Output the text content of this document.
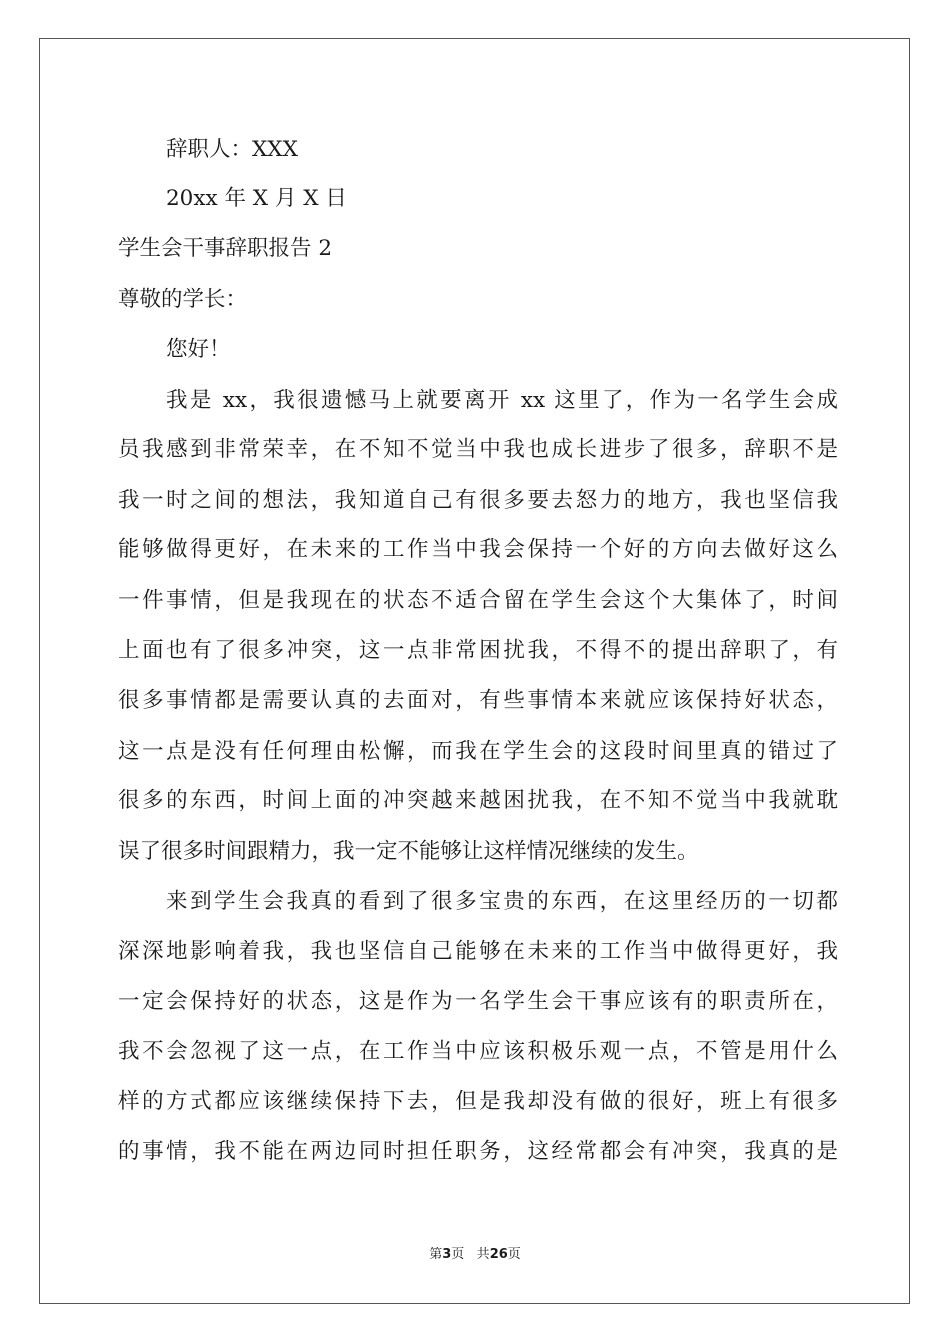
辞职人：XXX
20xx 年 X 月 X 日
学生会干事辞职报告 2
尊敬的学长：
您好！
我是 xx，我很遗憾马上就要离开 xx 这里了，作为一名学生会成
员我感到非常荣幸，在不知不觉当中我也成长进步了很多，辞职不是
我一时之间的想法，我知道自己有很多要去怒力的地方，我也坚信我
能够做得更好，在未来的工作当中我会保持一个好的方向去做好这么
一件事情，但是我现在的状态不适合留在学生会这个大集体了，时间
上面也有了很多冲突，这一点非常困扰我，不得不的提出辞职了，有
很多事情都是需要认真的去面对，有些事情本来就应该保持好状态，
这一点是没有任何理由松懈，而我在学生会的这段时间里真的错过了
很多的东西，时间上面的冲突越来越困扰我，在不知不觉当中我就耽
误了很多时间跟精力，我一定不能够让这样情况继续的发生。
来到学生会我真的看到了很多宝贵的东西，在这里经历的一切都
深深地影响着我，我也坚信自己能够在未来的工作当中做得更好，我
一定会保持好的状态，这是作为一名学生会干事应该有的职责所在，
我不会忽视了这一点，在工作当中应该积极乐观一点，不管是用什么
样的方式都应该继续保持下去，但是我却没有做的很好，班上有很多
的事情，我不能在两边同时担任职务，这经常都会有冲突，我真的是
第3页 共26页
